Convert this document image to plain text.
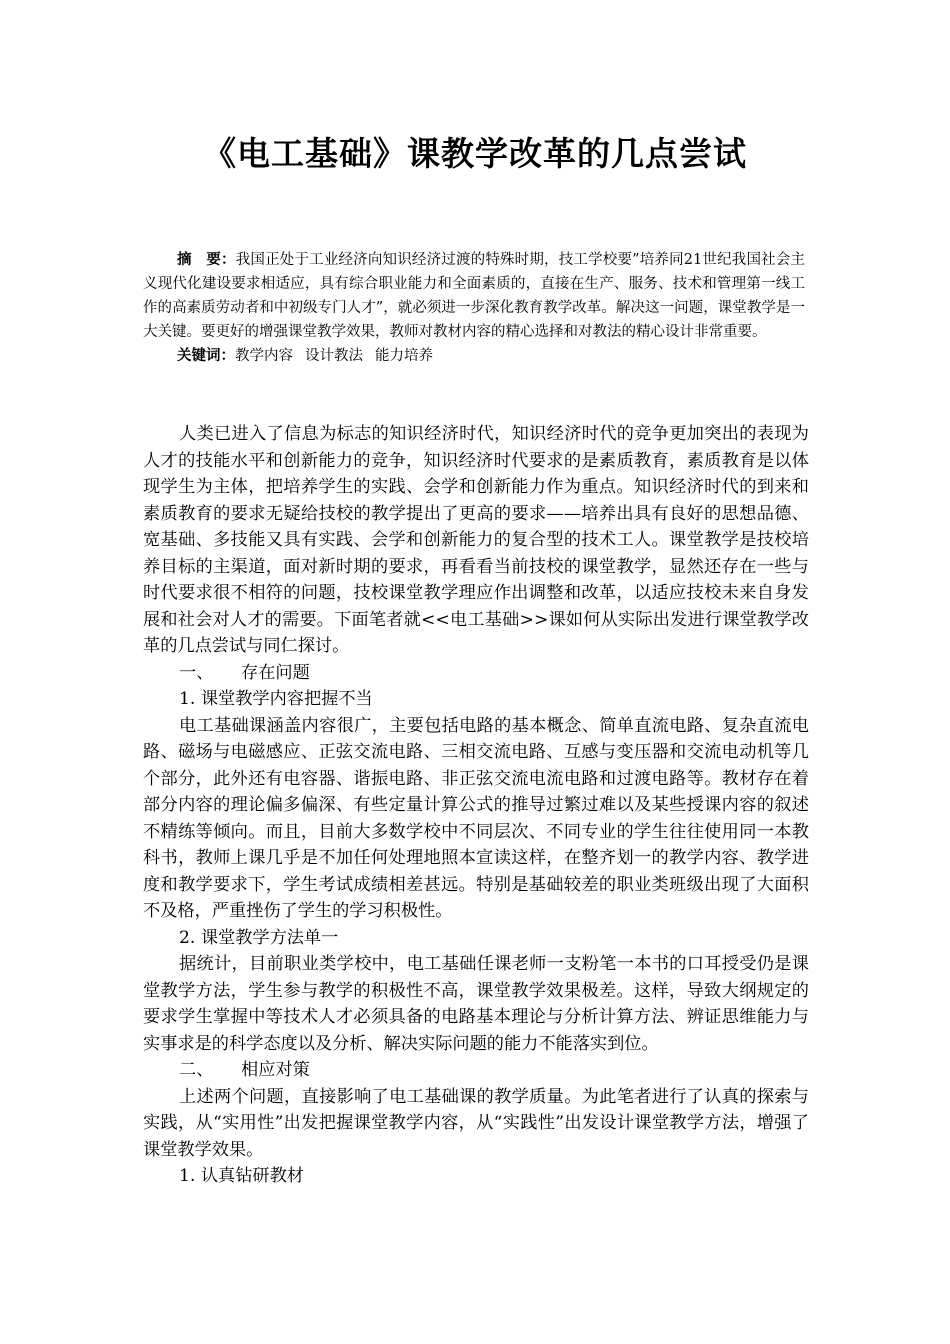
《电工基础》课教学改革的几点尝试

摘　要：我国正处于工业经济向知识经济过渡的特殊时期，技工学校要”培养同21世纪我国社会主义现代化建设要求相适应，具有综合职业能力和全面素质的，直接在生产、服务、技术和管理第一线工作的高素质劳动者和中初级专门人才”，就必须进一步深化教育教学改革。解决这一问题，课堂教学是一大关键。要更好的增强课堂教学效果，教师对教材内容的精心选择和对教法的精心设计非常重要。

关键词：教学内容 设计教法 能力培养

人类已进入了信息为标志的知识经济时代，知识经济时代的竞争更加突出的表现为人才的技能水平和创新能力的竞争，知识经济时代要求的是素质教育，素质教育是以体现学生为主体，把培养学生的实践、会学和创新能力作为重点。知识经济时代的到来和素质教育的要求无疑给技校的教学提出了更高的要求——培养出具有良好的思想品德、宽基础、多技能又具有实践、会学和创新能力的复合型的技术工人。课堂教学是技校培养目标的主渠道，面对新时期的要求，再看看当前技校的课堂教学，显然还存在一些与时代要求很不相符的问题，技校课堂教学理应作出调整和改革，以适应技校未来自身发展和社会对人才的需要。下面笔者就<<电工基础>>课如何从实际出发进行课堂教学改革的几点尝试与同仁探讨。

一、 存在问题

1. 课堂教学内容把握不当

电工基础课涵盖内容很广，主要包括电路的基本概念、简单直流电路、复杂直流电路、磁场与电磁感应、正弦交流电路、三相交流电路、互感与变压器和交流电动机等几个部分，此外还有电容器、谐振电路、非正弦交流电流电路和过渡电路等。教材存在着部分内容的理论偏多偏深、有些定量计算公式的推导过繁过难以及某些授课内容的叙述不精练等倾向。而且，目前大多数学校中不同层次、不同专业的学生往往使用同一本教科书，教师上课几乎是不加任何处理地照本宣读这样，在整齐划一的教学内容、教学进度和教学要求下，学生考试成绩相差甚远。特别是基础较差的职业类班级出现了大面积不及格，严重挫伤了学生的学习积极性。

2. 课堂教学方法单一

据统计，目前职业类学校中，电工基础任课老师一支粉笔一本书的口耳授受仍是课堂教学方法，学生参与教学的积极性不高，课堂教学效果极差。这样，导致大纲规定的要求学生掌握中等技术人才必须具备的电路基本理论与分析计算方法、辨证思维能力与实事求是的科学态度以及分析、解决实际问题的能力不能落实到位。

二、 相应对策

上述两个问题，直接影响了电工基础课的教学质量。为此笔者进行了认真的探索与实践，从“实用性”出发把握课堂教学内容，从“实践性”出发设计课堂教学方法，增强了课堂教学效果。

1. 认真钻研教材
